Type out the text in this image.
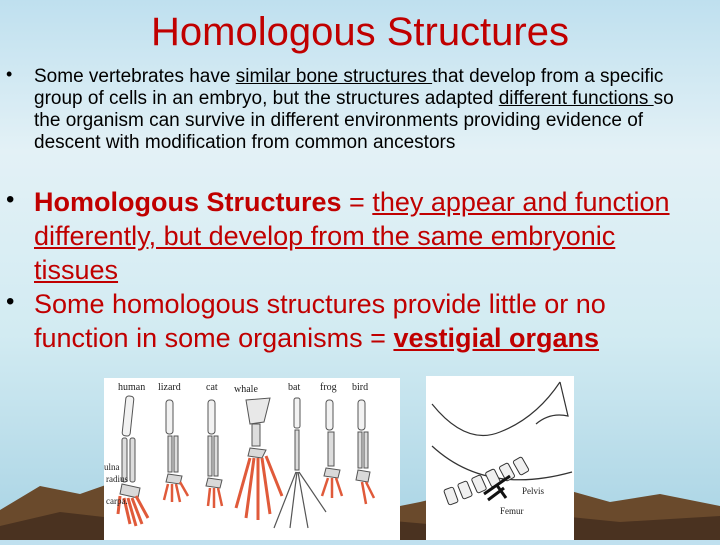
Homologous Structures
• Some vertebrates have similar bone structures that develop from a specific group of cells in an embryo, but the structures adapted different functions so the organism can survive in different environments providing evidence of descent with modification from common ancestors
• Homologous Structures = they appear and function differently, but develop from the same embryonic tissues
• Some homologous structures provide little or no function in some organisms = vestigial organs
human lizard	cat whale	bat frog bird
ulna
radius
carpa.
Pelvis
Femur
